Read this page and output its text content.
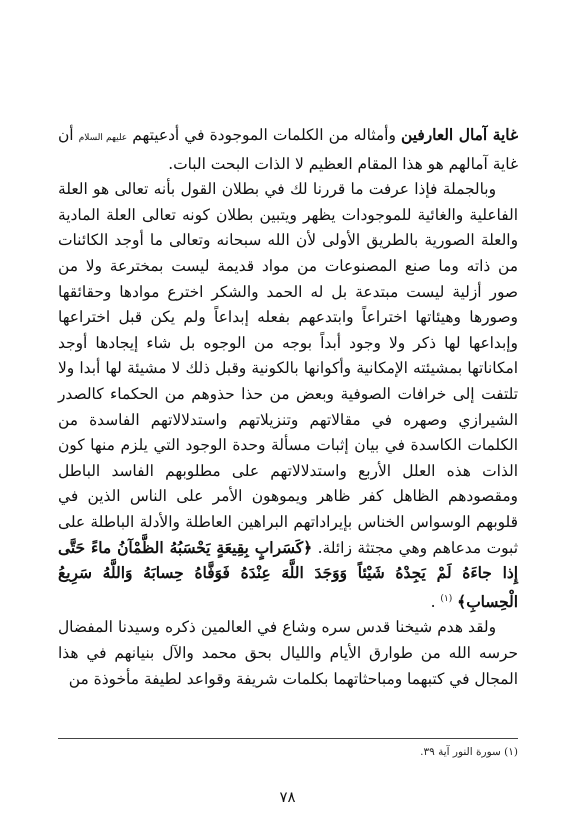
غاية آمال العارفين وأمثاله من الكلمات الموجودة في أدعيتهم عليهم السلام أن غاية آمالهم هو هذا المقام العظيم لا الذات البحت البات.

وبالجملة فإذا عرفت ما قررنا لك في بطلان القول بأنه تعالى هو العلة الفاعلية والغائية للموجودات يظهر ويتبين بطلان كونه تعالى العلة المادية والعلة الصورية بالطريق الأولى لأن الله سبحانه وتعالى ما أوجد الكائنات من ذاته وما صنع المصنوعات من مواد قديمة ليست بمخترعة ولا من صور أزلية ليست مبتدعة بل له الحمد والشكر اخترع موادها وحقائقها وصورها وهيئاتها اختراعاً وابتدعهم بفعله إبداعاً ولم يكن قبل اختراعها وإبداعها لها ذكر ولا وجود أبداً بوجه من الوجوه بل شاء إيجادها أوجد امكاناتها بمشيئته الإمكانية وأكوانها بالكونية وقبل ذلك لا مشيئة لها أبدا ولا تلتفت إلى خرافات الصوفية وبعض من حذا حذوهم من الحكماء كالصدر الشيرازي وصهره في مقالاتهم وتنزيلاتهم واستدلالاتهم الفاسدة من الكلمات الكاسدة في بيان إثبات مسألة وحدة الوجود التي يلزم منها كون الذات هذه العلل الأربع واستدلالاتهم على مطلوبهم الفاسد الباطل ومقصودهم الظاهل كفر ظاهر ويموهون الأمر على الناس الذين في قلوبهم الوسواس الخناس بإيراداتهم البراهين العاطلة والأدلة الباطلة على ثبوت مدعاهم وهي مجتثة زائلة. ﴿كَسَرابٍ بِقِيعَةٍ يَحْسَبُهُ الظَّمْآنُ ماءً حَتَّى إِذا جاءَهُ لَمْ يَجِدْهُ شَيْئاً وَوَجَدَ اللَّهَ عِنْدَهُ فَوَفَّاهُ حِسابَهُ وَاللَّهُ سَرِيعُ الْحِسابِ﴾ $^{(١)}$ .

ولقد هدم شيخنا قدس سره وشاع في العالمين ذكره وسيدنا المفضال حرسه الله من طوارق الأيام والليال بحق محمد والآل بنيانهم في هذا المجال في كتبهما ومباحثاتهما بكلمات شريفة وقواعد لطيفة مأخوذة من

(١) سورة النور آية ٣٩.
٧٨
